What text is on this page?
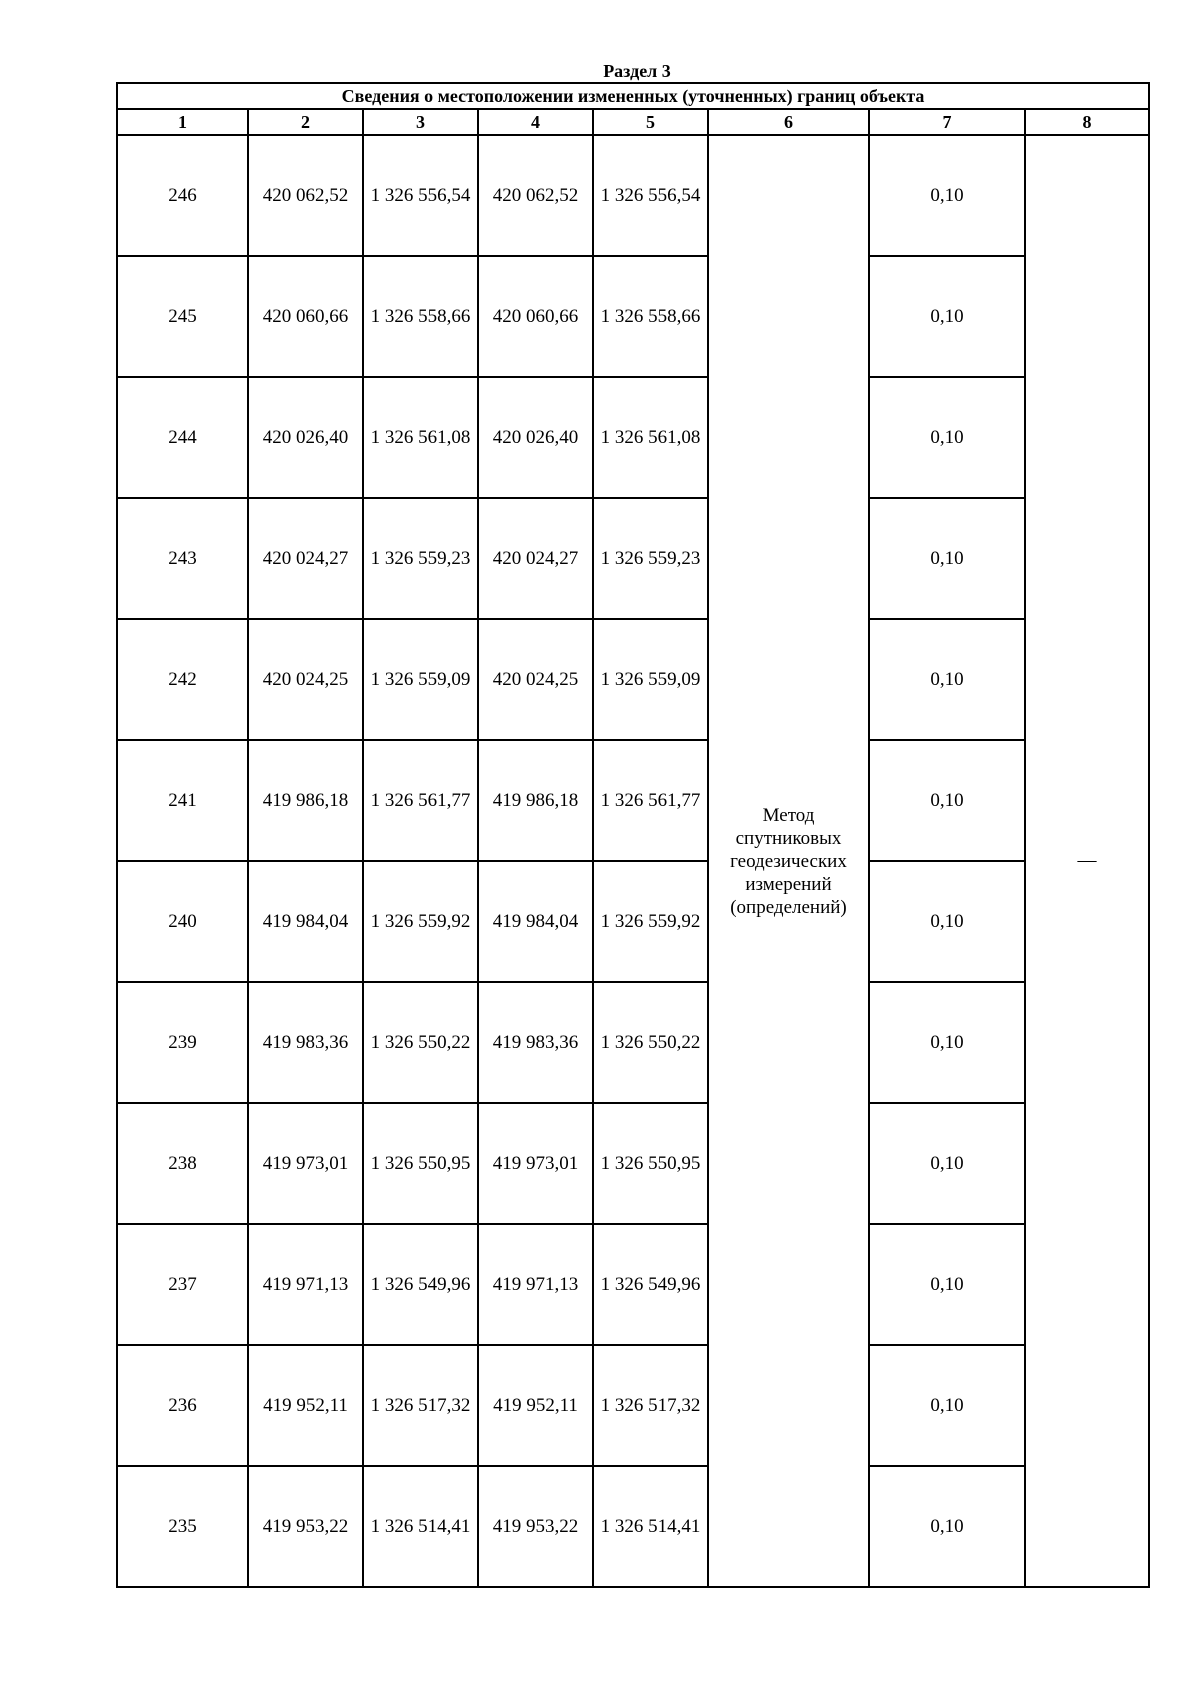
Раздел 3
Сведения о местоположении измененных (уточненных) границ объекта							
1	2	3	4	5	6	7	8
246	420 062,52	1 326 556,54	420 062,52	1 326 556,54	Метод
спутниковых
геодезических
измерений
(определений)	0,10	—
245	420 060,66	1 326 558,66	420 060,66	1 326 558,66		0,10	
244	420 026,40	1 326 561,08	420 026,40	1 326 561,08		0,10	
243	420 024,27	1 326 559,23	420 024,27	1 326 559,23		0,10	
242	420 024,25	1 326 559,09	420 024,25	1 326 559,09		0,10	
241	419 986,18	1 326 561,77	419 986,18	1 326 561,77		0,10	
240	419 984,04	1 326 559,92	419 984,04	1 326 559,92		0,10	
239	419 983,36	1 326 550,22	419 983,36	1 326 550,22		0,10	
238	419 973,01	1 326 550,95	419 973,01	1 326 550,95		0,10	
237	419 971,13	1 326 549,96	419 971,13	1 326 549,96		0,10	
236	419 952,11	1 326 517,32	419 952,11	1 326 517,32		0,10	
235	419 953,22	1 326 514,41	419 953,22	1 326 514,41		0,10	
